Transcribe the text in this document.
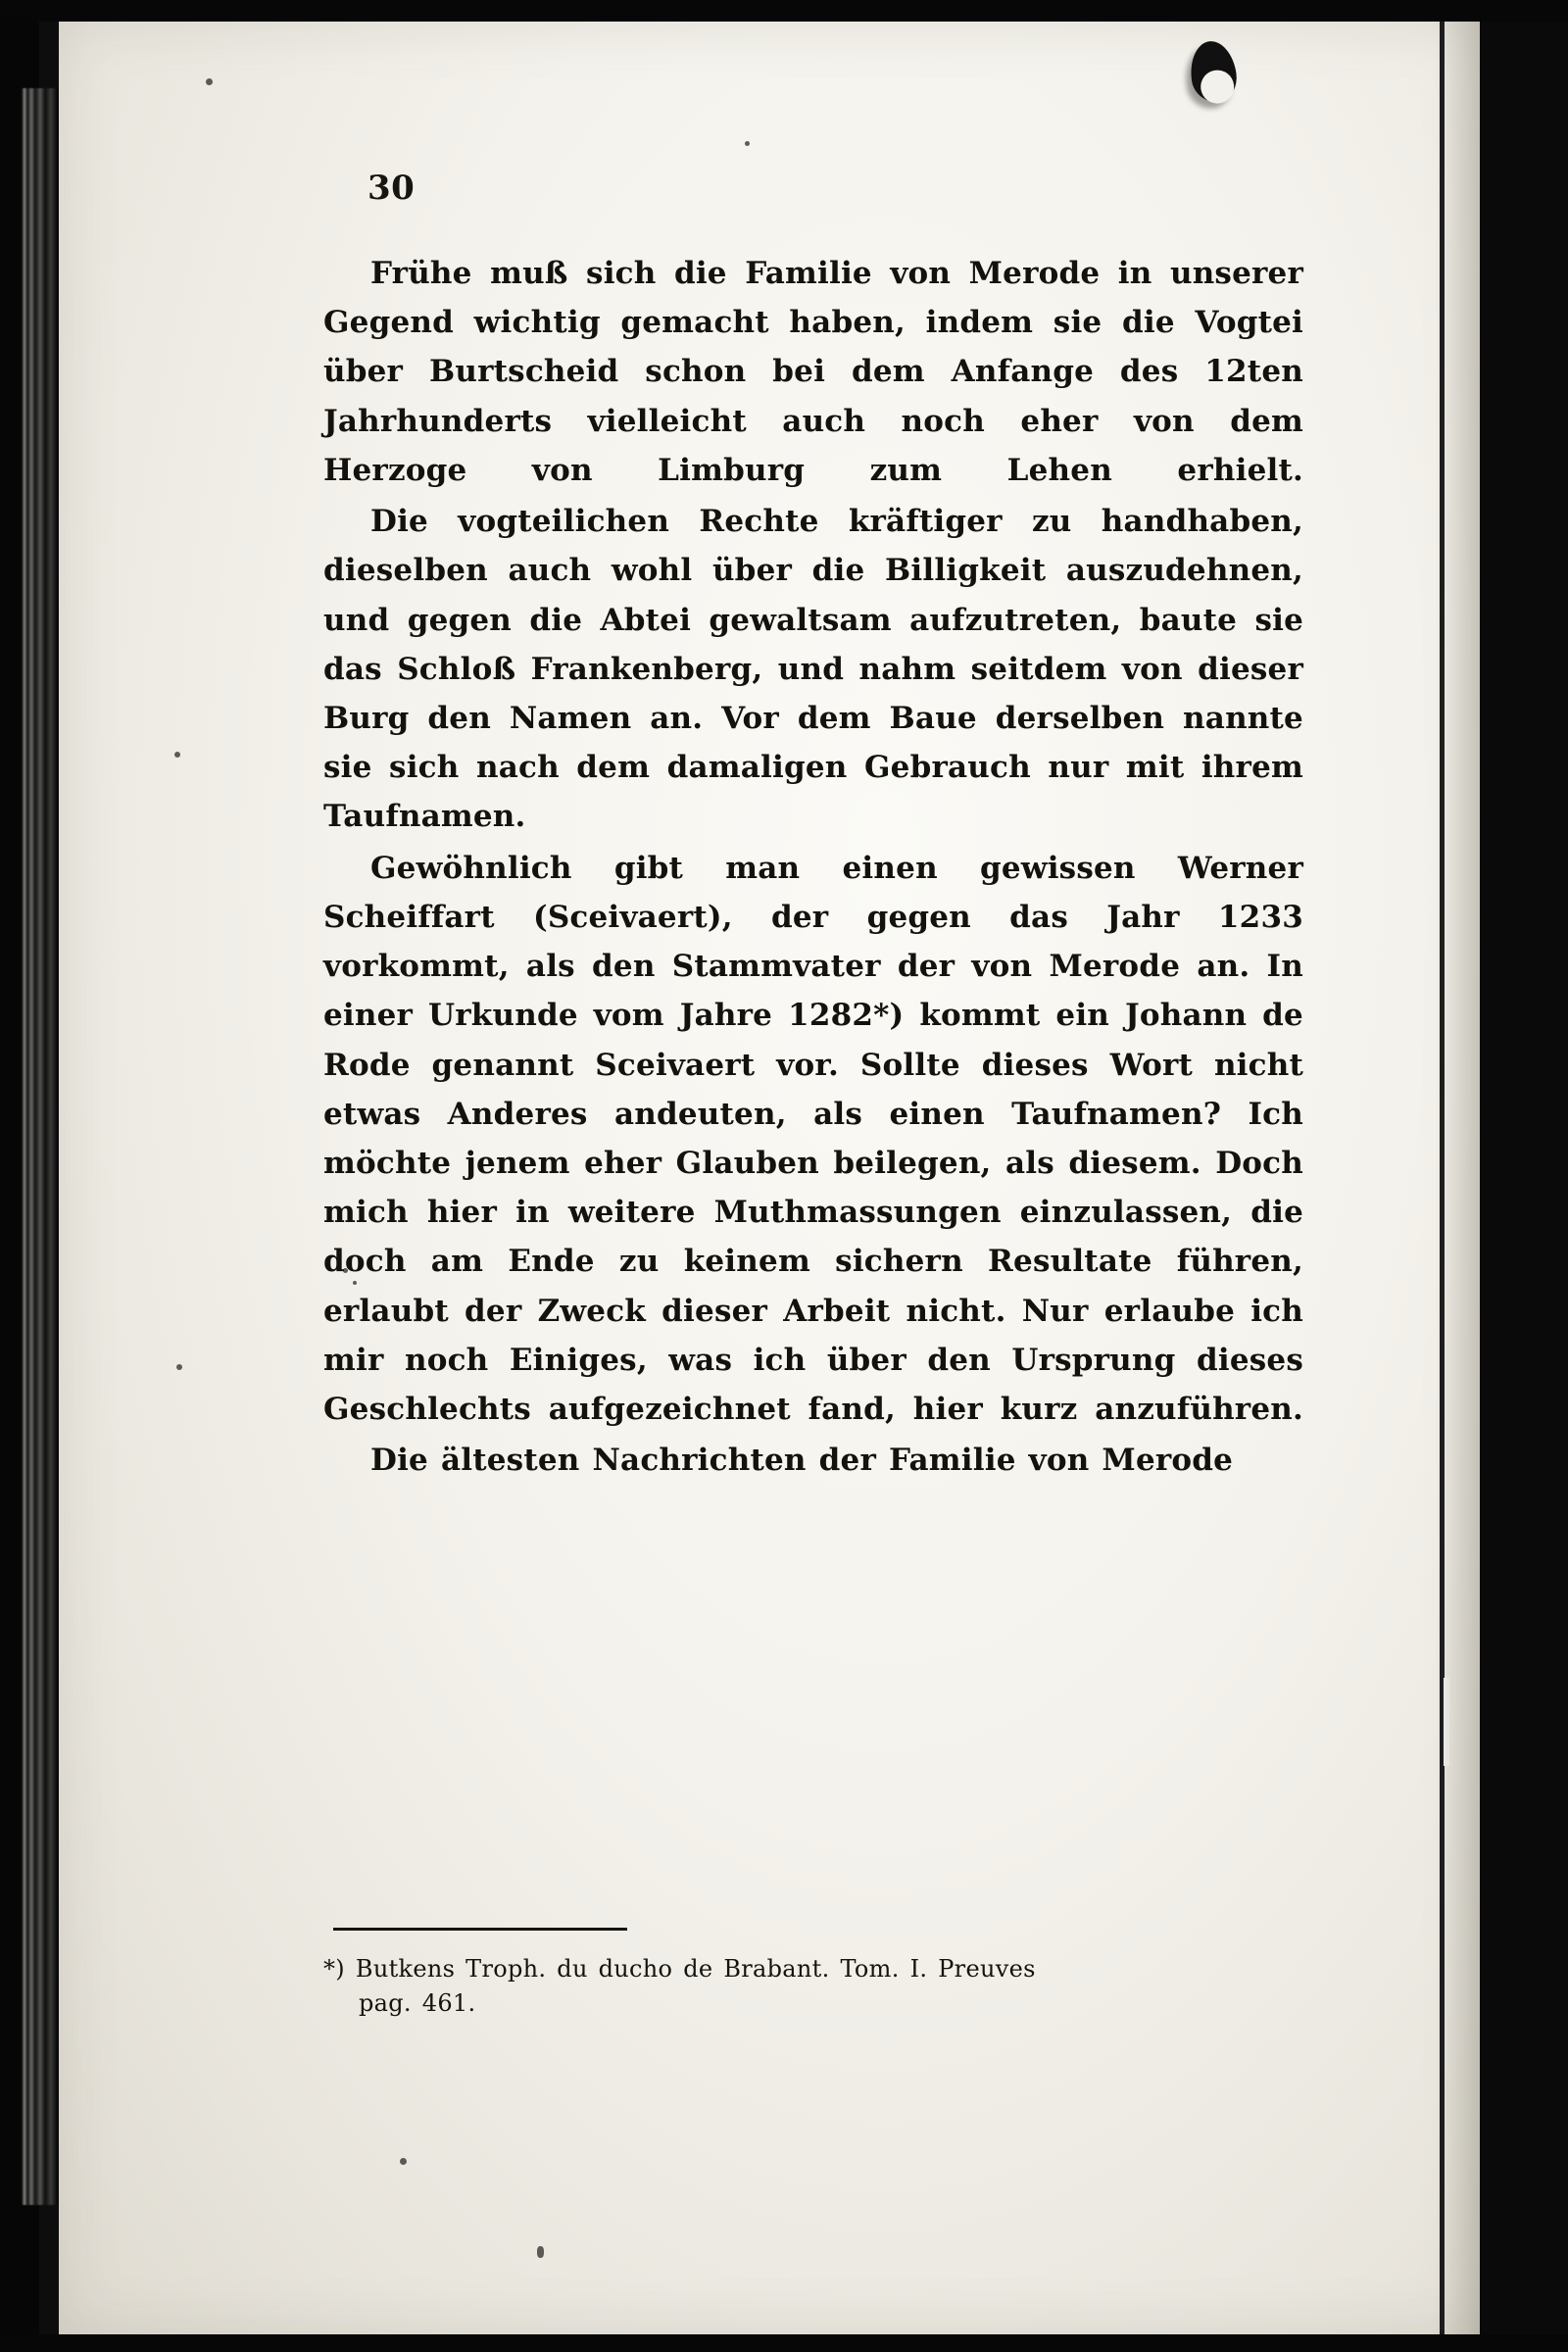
30

Frühe muß sich die Familie von Merode in unserer Gegend wichtig gemacht haben, indem sie die Vogtei über Burtscheid schon bei dem Anfange des 12ten Jahrhunderts vielleicht auch noch eher von dem Herzoge von Limburg zum Lehen erhielt.

Die vogteilichen Rechte kräftiger zu handhaben, dieselben auch wohl über die Billigkeit auszudehnen, und gegen die Abtei gewaltsam aufzutreten, baute sie das Schloß Frankenberg, und nahm seitdem von dieser Burg den Namen an. Vor dem Baue derselben nannte sie sich nach dem damaligen Gebrauch nur mit ihrem Taufnamen.

Gewöhnlich gibt man einen gewissen Werner Scheiffart (Sceivaert), der gegen das Jahr 1233 vorkommt, als den Stammvater der von Merode an. In einer Urkunde vom Jahre 1282*) kommt ein Johann de Rode genannt Sceivaert vor. Sollte dieses Wort nicht etwas Anderes andeuten, als einen Taufnamen? Ich möchte jenem eher Glauben beilegen, als diesem. Doch mich hier in weitere Muthmassungen einzulassen, die doch am Ende zu keinem sichern Resultate führen, erlaubt der Zweck dieser Arbeit nicht. Nur erlaube ich mir noch Einiges, was ich über den Ursprung dieses Geschlechts aufgezeichnet fand, hier kurz anzuführen.

Die ältesten Nachrichten der Familie von Merode

*) Butkens Troph. du ducho de Brabant. Tom. I. Preuves
pag. 461.
